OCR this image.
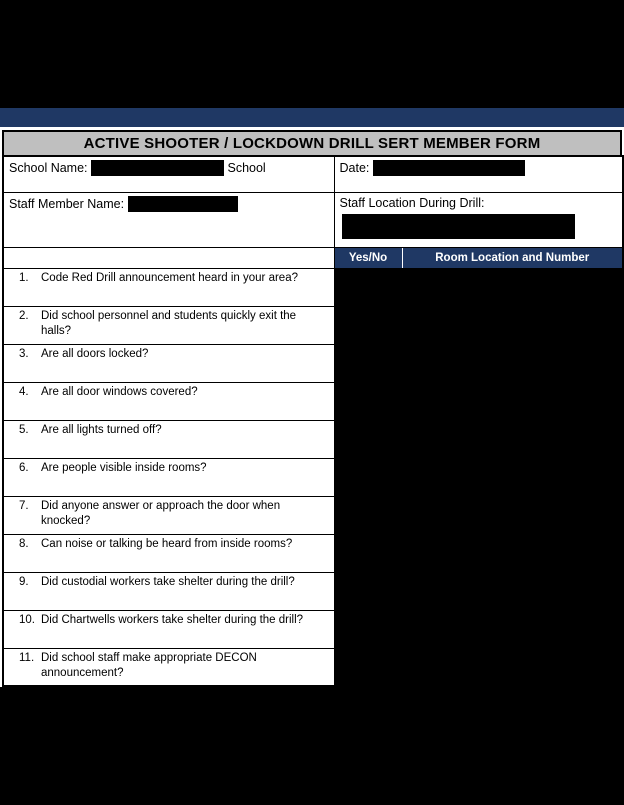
ACTIVE SHOOTER / LOCKDOWN DRILL SERT MEMBER FORM
School Name: School	Date:	
Staff Member Name:	Staff Location During Drill:	

	Yes/No	Room Location and Number

1. Code Red Drill announcement heard in your area?		

2. Did school personnel and students quickly exit the halls?		

3. Are all doors locked?		

4. Are all door windows covered?		

5. Are all lights turned off?		

6. Are people visible inside rooms?		

7. Did anyone answer or approach the door when knocked?		

8. Can noise or talking be heard from inside rooms?		

9. Did custodial workers take shelter during the drill?		

10. Did Chartwells workers take shelter during the drill?		

11. Did school staff make appropriate DECON announcement?		
